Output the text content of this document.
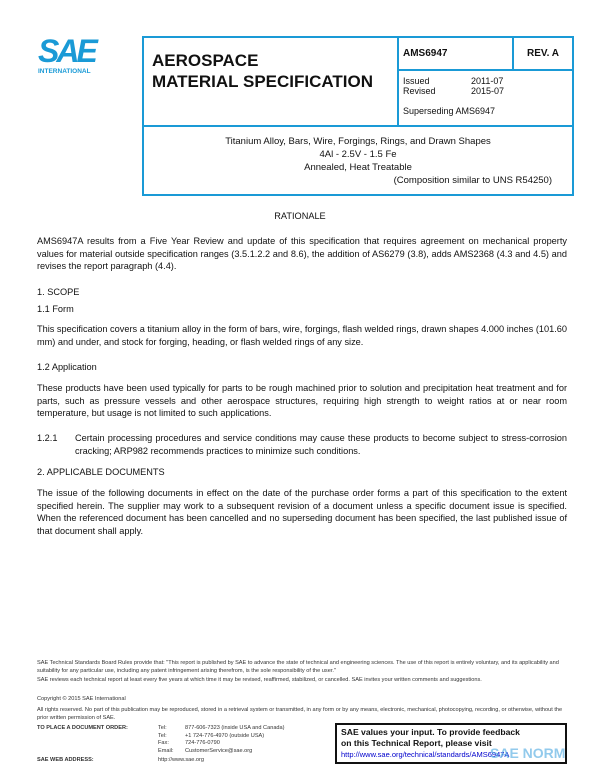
SAE
INTERNATIONAL
AEROSPACE
MATERIAL SPECIFICATION
AMS6947	REV. A
Issued	2011-07
Revised	2015-07
Superseding AMS6947
Titanium Alloy, Bars, Wire, Forgings, Rings, and Drawn Shapes
4Al - 2.5V - 1.5 Fe
Annealed, Heat Treatable
(Composition similar to UNS R54250)
RATIONALE

AMS6947A results from a Five Year Review and update of this specification that requires agreement on mechanical property values for material outside specification ranges (3.5.1.2.2 and 8.6), the addition of AS6279 (3.8), adds AMS2368 (4.3 and 4.5) and revises the report paragraph (4.4).

1. SCOPE
1.1 Form

This specification covers a titanium alloy in the form of bars, wire, forgings, flash welded rings, drawn shapes 4.000 inches (101.60 mm) and under, and stock for forging, heading, or flash welded rings of any size.

1.2 Application

These products have been used typically for parts to be rough machined prior to solution and precipitation heat treatment and for parts, such as pressure vessels and other aerospace structures, requiring high strength to weight ratios at or near room temperature, but usage is not limited to such applications.

1.2.1 Certain processing procedures and service conditions may cause these products to become subject to stress-corrosion cracking; ARP982 recommends practices to minimize such conditions.

2. APPLICABLE DOCUMENTS

The issue of the following documents in effect on the date of the purchase order forms a part of this specification to the extent specified herein. The supplier may work to a subsequent revision of a document unless a specific document issue is specified. When the referenced document has been cancelled and no superseding document has been specified, the last published issue of that document shall apply.

SAE Technical Standards Board Rules provide that: "This report is published by SAE to advance the state of technical and engineering sciences. The use of this report is entirely voluntary, and its applicability and suitability for any particular use, including any patent infringement arising therefrom, is the sole responsibility of the user."
SAE reviews each technical report at least every five years at which time it may be revised, reaffirmed, stabilized, or cancelled. SAE invites your written comments and suggestions.
Copyright © 2015 SAE International
All rights reserved. No part of this publication may be reproduced, stored in a retrieval system or transmitted, in any form or by any means, electronic, mechanical, photocopying, recording, or otherwise, without the prior written permission of SAE.
TO PLACE A DOCUMENT ORDER:	Tel:	877-606-7323 (inside USA and Canada)
Tel:	+1 724-776-4970 (outside USA)
Fax:	724-776-0790
Email: CustomerService@sae.org
SAE WEB ADDRESS:	http://www.sae.org
SAE values your input. To provide feedback
on this Technical Report, please visit
http://www.sae.org/technical/standards/AMS6947A
SAE NORM
